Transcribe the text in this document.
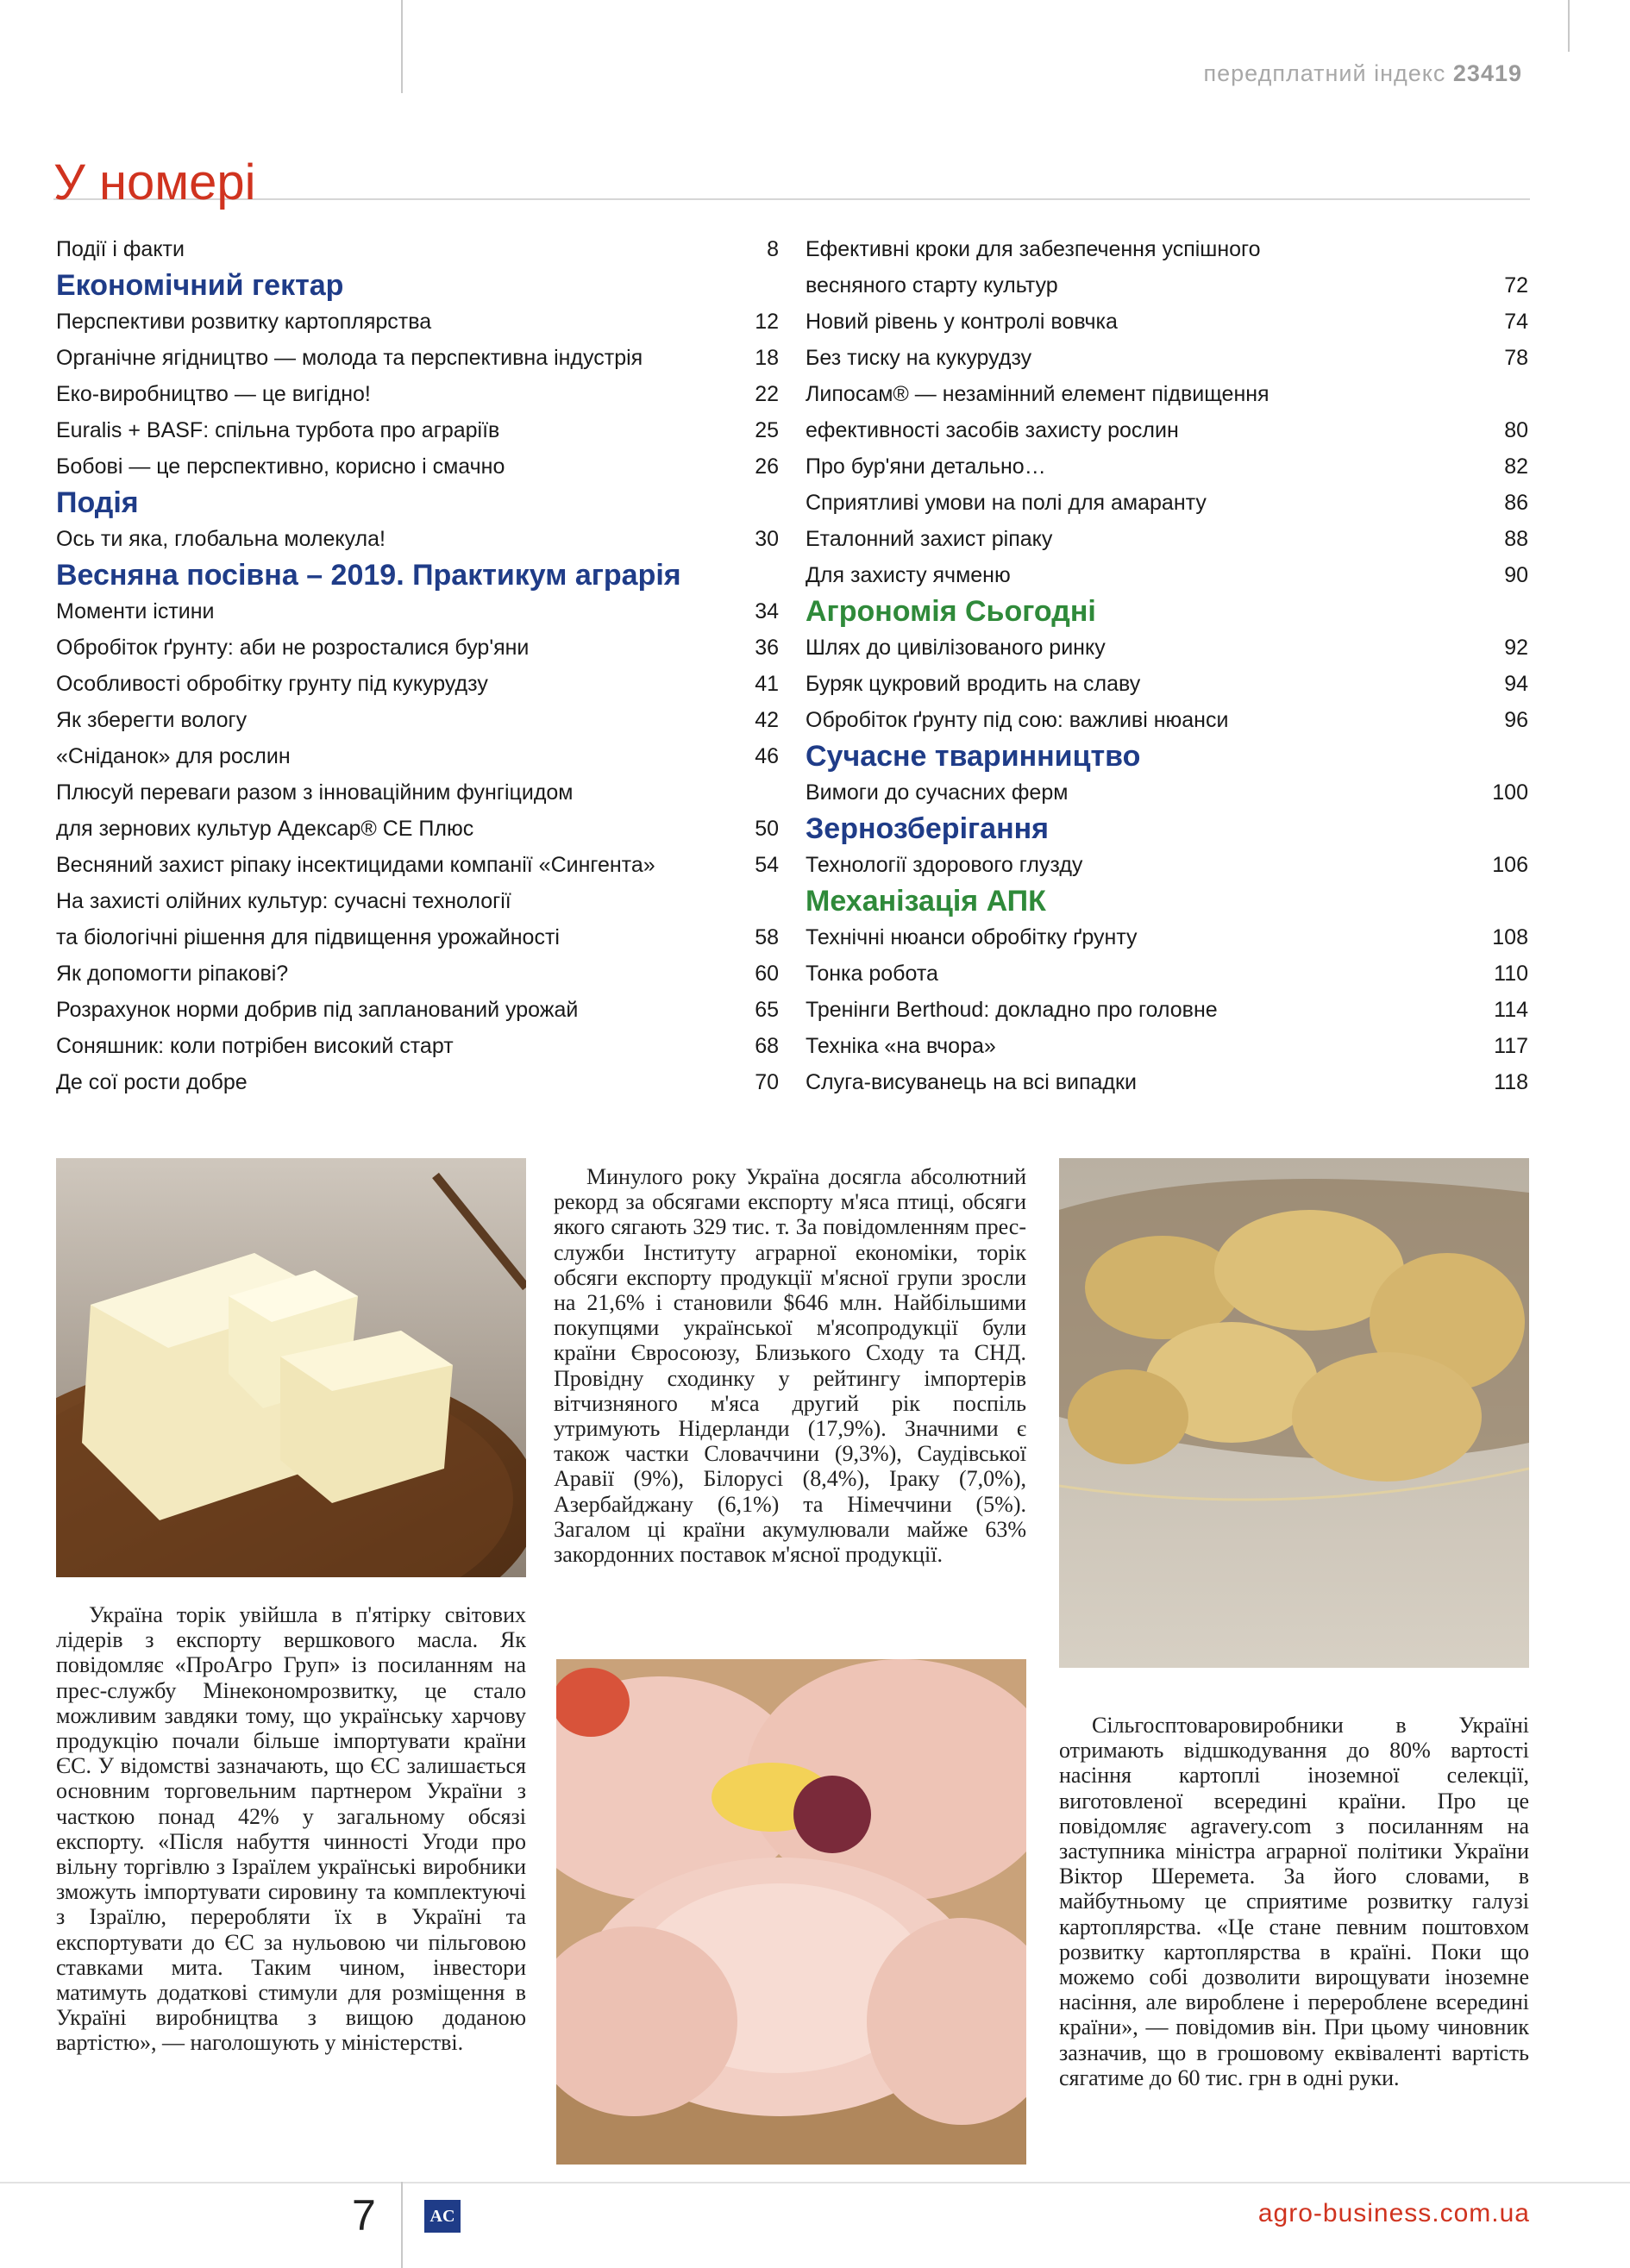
передплатний індекс 23419
У номері
Події і факти	8
Економічний гектар
Перспективи розвитку картоплярства	12
Органічне ягідництво — молода та перспективна індустрія	18
Еко-виробництво — це вигідно!	22
Euralis + BASF: спільна турбота про аграріїв	25
Бобові — це перспективно, корисно і смачно	26
Подія
Ось ти яка, глобальна молекула!	30
Весняна посівна – 2019. Практикум аграрія
Моменти істини	34
Обробіток ґрунту: аби не розросталися бур'яни	36
Особливості обробітку грунту під кукурудзу	41
Як зберегти вологу	42
«Сніданок» для рослин	46
Плюсуй переваги разом з інноваційним фунгіцидом
для зернових культур Адексар® СЕ Плюс	50
Весняний захист ріпаку інсектицидами компанії «Сингента»	54
На захисті олійних культур: сучасні технології
та біологічні рішення для підвищення урожайності	58
Як допомогти ріпакові?	60
Розрахунок норми добрив під запланований урожай	65
Соняшник: коли потрібен високий старт	68
Де сої рости добре	70
Ефективні кроки для забезпечення успішного
весняного старту культур	72
Новий рівень у контролі вовчка	74
Без тиску на кукурудзу	78
Липосам® — незамінний елемент підвищення
ефективності засобів захисту рослин	80
Про бур'яни детально…	82
Сприятливі умови на полі для амаранту	86
Еталонний захист ріпаку	88
Для захисту ячменю	90
Агрономія Сьогодні
Шлях до цивілізованого ринку	92
Буряк цукровий вродить на славу	94
Обробіток ґрунту під сою: важливі нюанси	96
Сучасне тваринництво
Вимоги до сучасних ферм	100
Зернозберігання
Технології здорового глузду	106
Механізація АПК
Технічні нюанси обробітку ґрунту	108
Тонка робота	110
Тренінги Berthoud: докладно про головне	114
Техніка «на вчора»	117
Слуга-висуванець на всі випадки	118

Україна торік увійшла в п'ятірку світових лідерів з експорту вершкового масла. Як повідомляє «ПроАгро Груп» із посиланням на прес-службу Мінекономрозвитку, це стало можливим завдяки тому, що українську харчову продукцію почали більше імпортувати країни ЄС. У відомстві зазначають, що ЄС залишається основним торговельним партнером України з часткою понад 42% у загальному обсязі експорту. «Після набуття чинності Угоди про вільну торгівлю з Ізраїлем українські виробники зможуть імпортувати сировину та комплектуючі з Ізраїлю, переробляти їх в Україні та експортувати до ЄС за нульовою чи пільговою ставками мита. Таким чином, інвестори матимуть додаткові стимули для розміщення в Україні виробництва з вищою доданою вартістю», — наголошують у міністерстві.

Минулого року Україна досягла абсолютний рекорд за обсягами експорту м'яса птиці, обсяги якого сягають 329 тис. т. За повідомленням прес-служби Інституту аграрної економіки, торік обсяги експорту продукції м'ясної групи зросли на 21,6% і становили $646 млн. Найбільшими покупцями української м'ясопродукції були країни Євросоюзу, Близького Сходу та СНД. Провідну сходинку у рейтингу імпортерів вітчизняного м'яса другий рік поспіль утримують Нідерланди (17,9%). Значними є також частки Словаччини (9,3%), Саудівської Аравії (9%), Білорусі (8,4%), Іраку (7,0%), Азербайджану (6,1%) та Німеччини (5%). Загалом ці країни акумулювали майже 63% закордонних поставок м'ясної продукції.

Сільгосптоваровиробники в Україні отримають відшкодування до 80% вартості насіння картоплі іноземної селекції, виготовленої всередині країни. Про це повідомляє agravery.com з посиланням на заступника міністра аграрної політики України Віктор Шеремета. За його словами, в майбутньому це сприятиме розвитку галузі картоплярства. «Це стане певним поштовхом розвитку картоплярства в країні. Поки що можемо собі дозволити вирощувати іноземне насіння, але вироблене і перероблене всередині країни», — повідомив він. При цьому чиновник зазначив, що в грошовому еквіваленті вартість сягатиме до 60 тис. грн в одні руки.

7	AC	agro-business.com.ua
